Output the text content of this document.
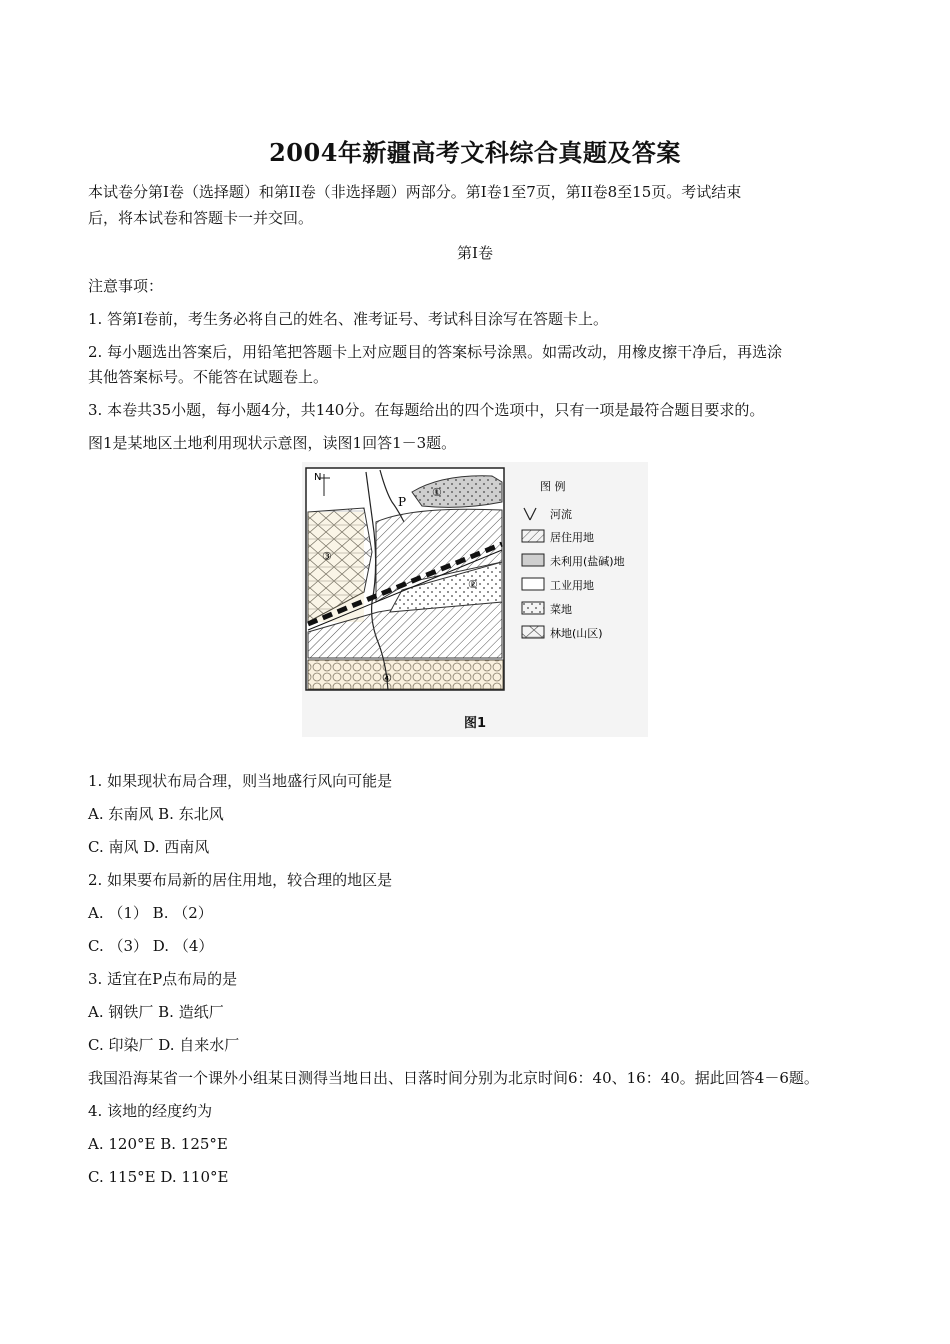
2004年新疆高考文科综合真题及答案
本试卷分第Ⅰ卷（选择题）和第II卷（非选择题）两部分。第Ⅰ卷1至7页，第II卷8至15页。考试结束
后，将本试卷和答题卡一并交回。
第Ⅰ卷
注意事项：
1. 答第Ⅰ卷前，考生务必将自己的姓名、准考证号、考试科目涂写在答题卡上。
2. 每小题选出答案后，用铅笔把答题卡上对应题目的答案标号涂黑。如需改动，用橡皮擦干净后，再选涂
其他答案标号。不能答在试题卷上。
3. 本卷共35小题，每小题4分，共140分。在每题给出的四个选项中，只有一项是最符合题目要求的。
图1是某地区土地利用现状示意图，读图1回答1－3题。
N
P
①
②
③
④
图 例
河流
居住用地
未利用(盐碱)地
工业用地
菜地
林地(山区)
图1
1. 如果现状布局合理，则当地盛行风向可能是
A. 东南风 B. 东北风
C. 南风 D. 西南风
2. 如果要布局新的居住用地，较合理的地区是
A. （1） B. （2）
C. （3） D. （4）
3. 适宜在P点布局的是
A. 钢铁厂 B. 造纸厂
C. 印染厂 D. 自来水厂
我国沿海某省一个课外小组某日测得当地日出、日落时间分别为北京时间6：40、16：40。据此回答4－6题。
4. 该地的经度约为
A. 120°E B. 125°E
C. 115°E D. 110°E
